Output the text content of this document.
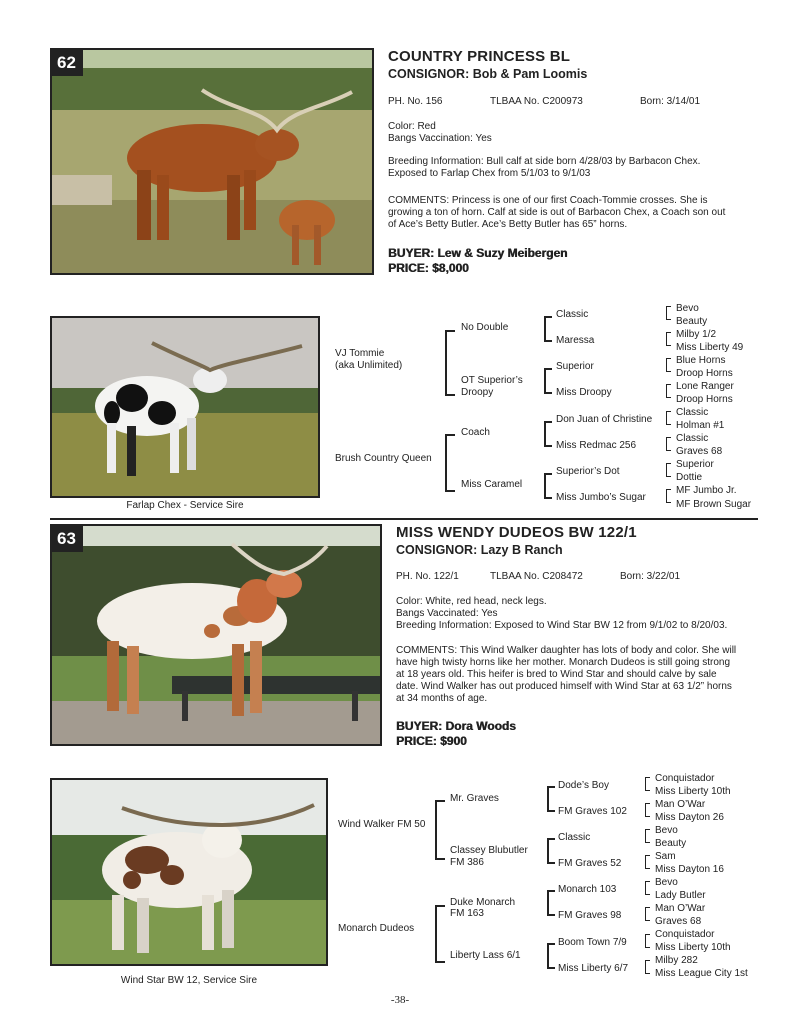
62	COUNTRY PRINCESS BL
CONSIGNOR: Bob & Pam Loomis
PH. No. 156	TLBAA No. C200973	Born: 3/14/01
Color: Red
Bangs Vaccination: Yes
Breeding Information: Bull calf at side born 4/28/03 by Barbacon Chex.
Exposed to Farlap Chex from 5/1/03 to 9/1/03
COMMENTS: Princess is one of our first Coach-Tommie crosses. She is
growing a ton of horn. Calf at side is out of Barbacon Chex, a Coach son out
of Ace’s Betty Butler. Ace’s Betty Butler has 65” horns.
BUYER: Lew & Suzy Meibergen
PRICE: $8,000
Farlap Chex - Service Sire
VJ Tommie
(aka Unlimited)
Brush Country Queen
No Double
OT Superior’s
Droopy
Coach
Miss Caramel
Classic
Maressa
Superior
Miss Droopy
Don Juan of Christine
Miss Redmac 256
Superior’s Dot
Miss Jumbo’s Sugar
Bevo
Beauty
Milby 1/2
Miss Liberty 49
Blue Horns
Droop Horns
Lone Ranger
Droop Horns
Classic
Holman #1
Classic
Graves 68
Superior
Dottie
MF Jumbo Jr.
MF Brown Sugar
63	MISS WENDY DUDEOS BW 122/1
CONSIGNOR: Lazy B Ranch
PH. No. 122/1	TLBAA No. C208472	Born: 3/22/01
Color: White, red head, neck legs.
Bangs Vaccinated: Yes
Breeding Information: Exposed to Wind Star BW 12 from 9/1/02 to 8/20/03.
COMMENTS: This Wind Walker daughter has lots of body and color. She will
have high twisty horns like her mother. Monarch Dudeos is still going strong
at 18 years old. This heifer is bred to Wind Star and should calve by sale
date. Wind Walker has out produced himself with Wind Star at 63 1/2” horns
at 34 months of age.
BUYER: Dora Woods
PRICE: $900
Wind Star BW 12, Service Sire
Wind Walker FM 50
Monarch Dudeos
Mr. Graves
Classey Blubutler
FM 386
Duke Monarch
FM 163
Liberty Lass 6/1
Dode’s Boy
FM Graves 102
Classic
FM Graves 52
Monarch 103
FM Graves 98
Boom Town 7/9
Miss Liberty 6/7
Conquistador
Miss Liberty 10th
Man O’War
Miss Dayton 26
Bevo
Beauty
Sam
Miss Dayton 16
Bevo
Lady Butler
Man O’War
Graves 68
Conquistador
Miss Liberty 10th
Milby 282
Miss League City 1st
-38-
